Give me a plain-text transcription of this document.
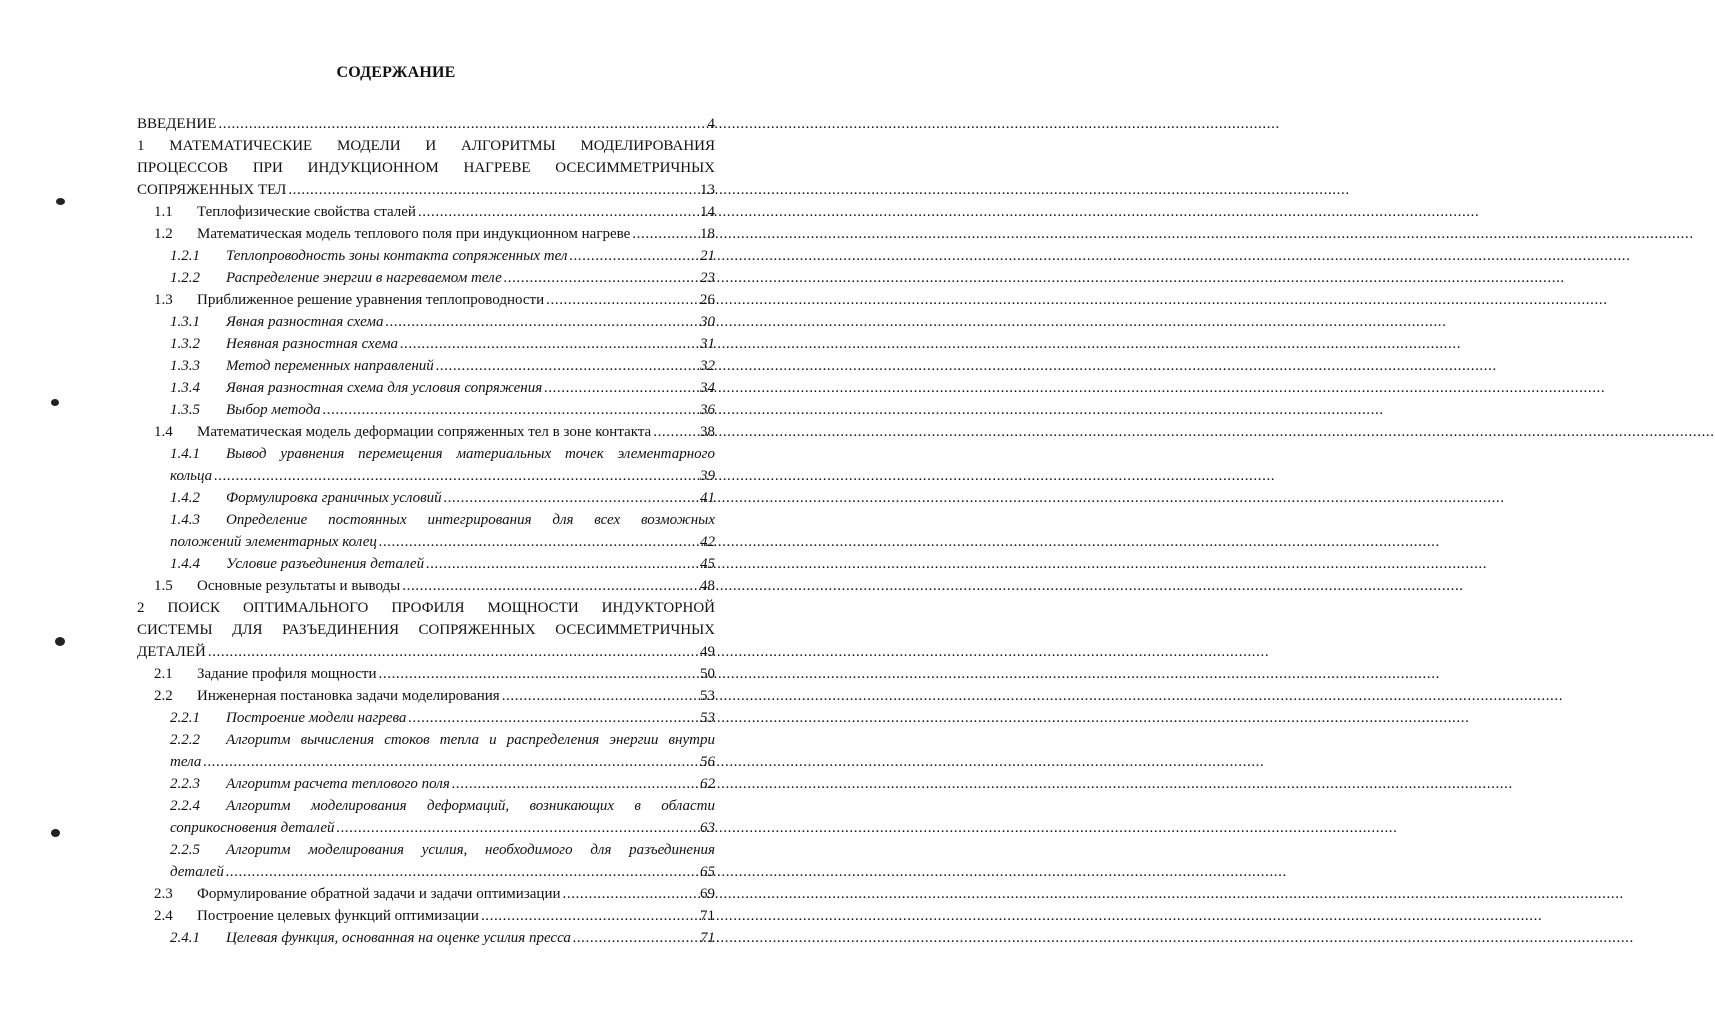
СОДЕРЖАНИЕ
ВВЕДЕНИЕ .....	4
1 МАТЕМАТИЧЕСКИЕ МОДЕЛИ И АЛГОРИТМЫ МОДЕЛИРОВАНИЯ
ПРОЦЕССОВ ПРИ ИНДУКЦИОННОМ НАГРЕВЕ ОСЕСИММЕТРИЧНЫХ
СОПРЯЖЕННЫХ ТЕЛ .....	13
1.1	Теплофизические свойства сталей .....	14
1.2	Математическая модель теплового поля при индукционном нагреве .....	18
1.2.1	Теплопроводность зоны контакта сопряженных тел .....	21
1.2.2	Распределение энергии в нагреваемом теле .....	23
1.3	Приближенное решение уравнения теплопроводности .....	26
1.3.1	Явная разностная схема .....	30
1.3.2	Неявная разностная схема .....	31
1.3.3	Метод переменных направлений .....	32
1.3.4	Явная разностная схема для условия сопряжения .....	34
1.3.5	Выбор метода .....	36
1.4	Математическая модель деформации сопряженных тел в зоне контакта .....	38
1.4.1 Вывод уравнения перемещения материальных точек элементарного
кольца .....	39
1.4.2	Формулировка граничных условий .....	41
1.4.3 Определение постоянных интегрирования для всех возможных
положений элементарных колец .....	42
1.4.4	Условие разъединения деталей .....	45
1.5	Основные результаты и выводы .....	48
2 ПОИСК ОПТИМАЛЬНОГО ПРОФИЛЯ МОЩНОСТИ ИНДУКТОРНОЙ
СИСТЕМЫ ДЛЯ РАЗЪЕДИНЕНИЯ СОПРЯЖЕННЫХ ОСЕСИММЕТРИЧНЫХ
ДЕТАЛЕЙ .....	49
2.1	Задание профиля мощности .....	50
2.2	Инженерная постановка задачи моделирования .....	53
2.2.1	Построение модели нагрева .....	53
2.2.2 Алгоритм вычисления стоков тепла и распределения энергии внутри
тела .....	56
2.2.3	Алгоритм расчета теплового поля .....	62
2.2.4 Алгоритм моделирования деформаций, возникающих в области
соприкосновения деталей .....	63
2.2.5 Алгоритм моделирования усилия, необходимого для разъединения
деталей .....	65
2.3	Формулирование обратной задачи и задачи оптимизации .....	69
2.4	Построение целевых функций оптимизации .....	71
2.4.1	Целевая функция, основанная на оценке усилия пресса .....	71
